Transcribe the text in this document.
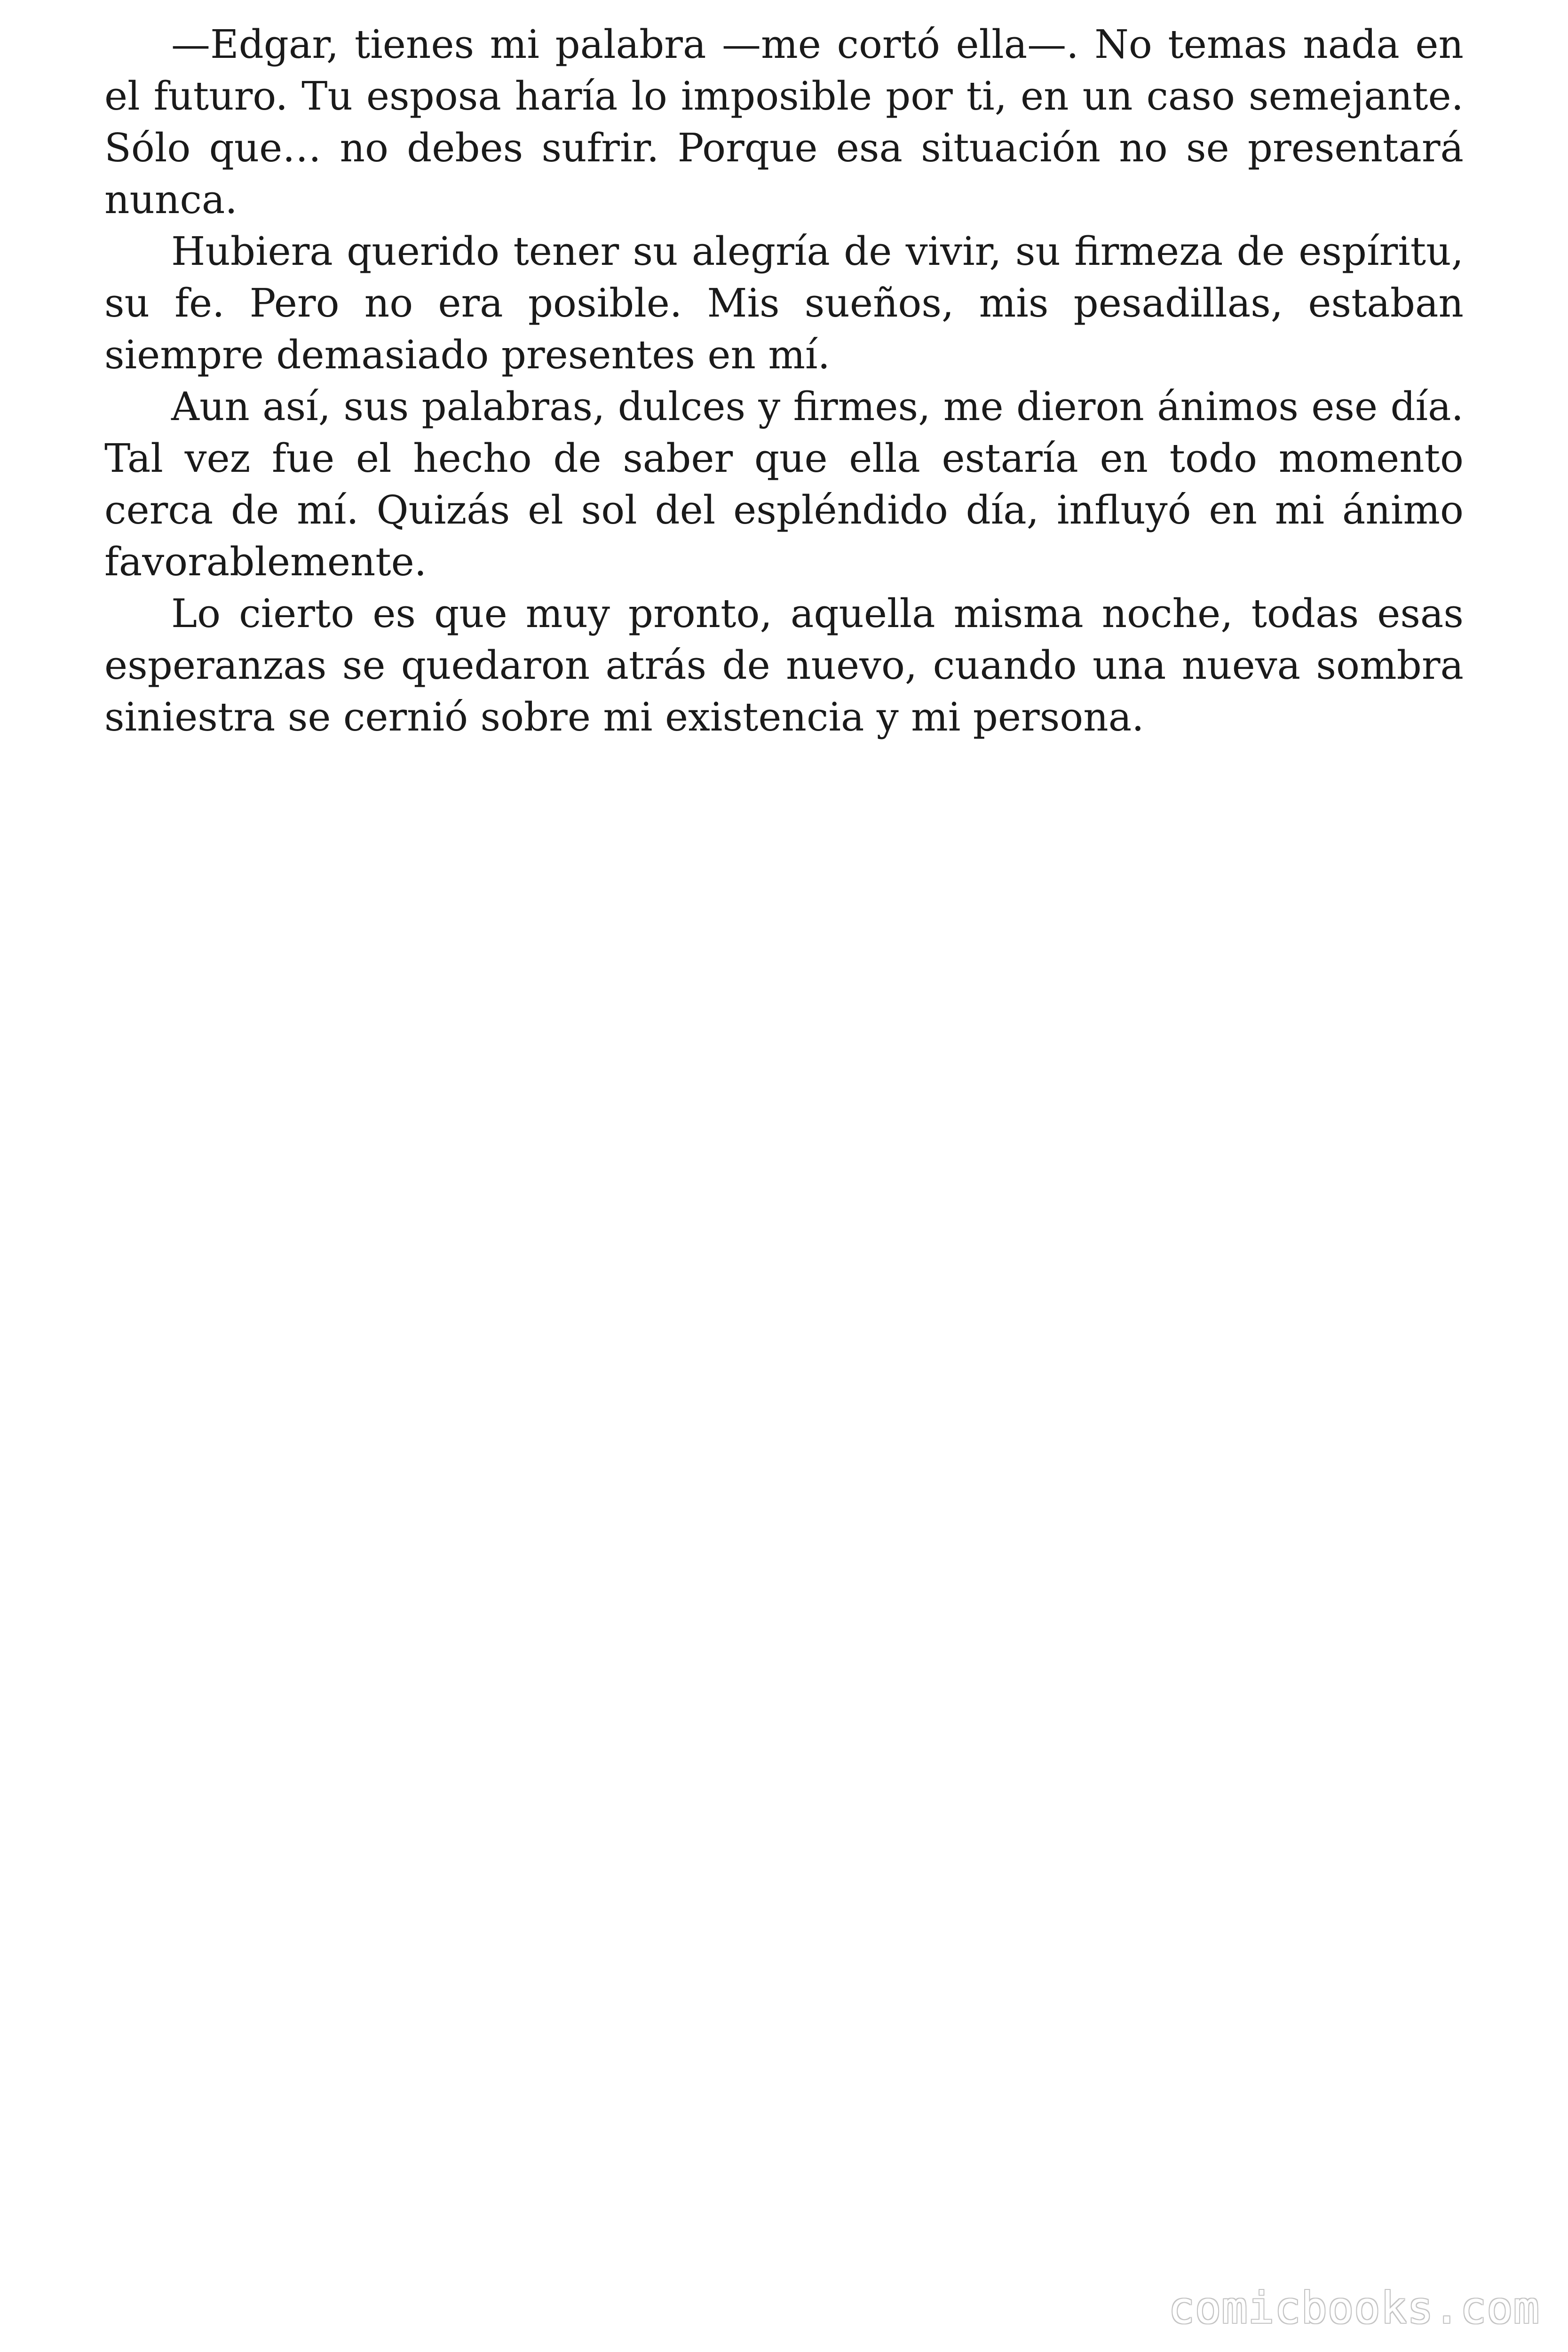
—Edgar, tienes mi palabra —me cortó ella—. No temas nada en el futuro. Tu esposa haría lo imposible por ti, en un caso semejante. Sólo que… no debes sufrir. Porque esa situación no se presentará nunca.

Hubiera querido tener su alegría de vivir, su firmeza de espíritu, su fe. Pero no era posible. Mis sueños, mis pesadillas, estaban siempre demasiado presentes en mí.

Aun así, sus palabras, dulces y firmes, me dieron ánimos ese día. Tal vez fue el hecho de saber que ella estaría en todo momento cerca de mí. Quizás el sol del espléndido día, influyó en mi ánimo favorablemente.

Lo cierto es que muy pronto, aquella misma noche, todas esas esperanzas se quedaron atrás de nuevo, cuando una nueva sombra siniestra se cernió sobre mi existencia y mi persona.

comicbooks.com
